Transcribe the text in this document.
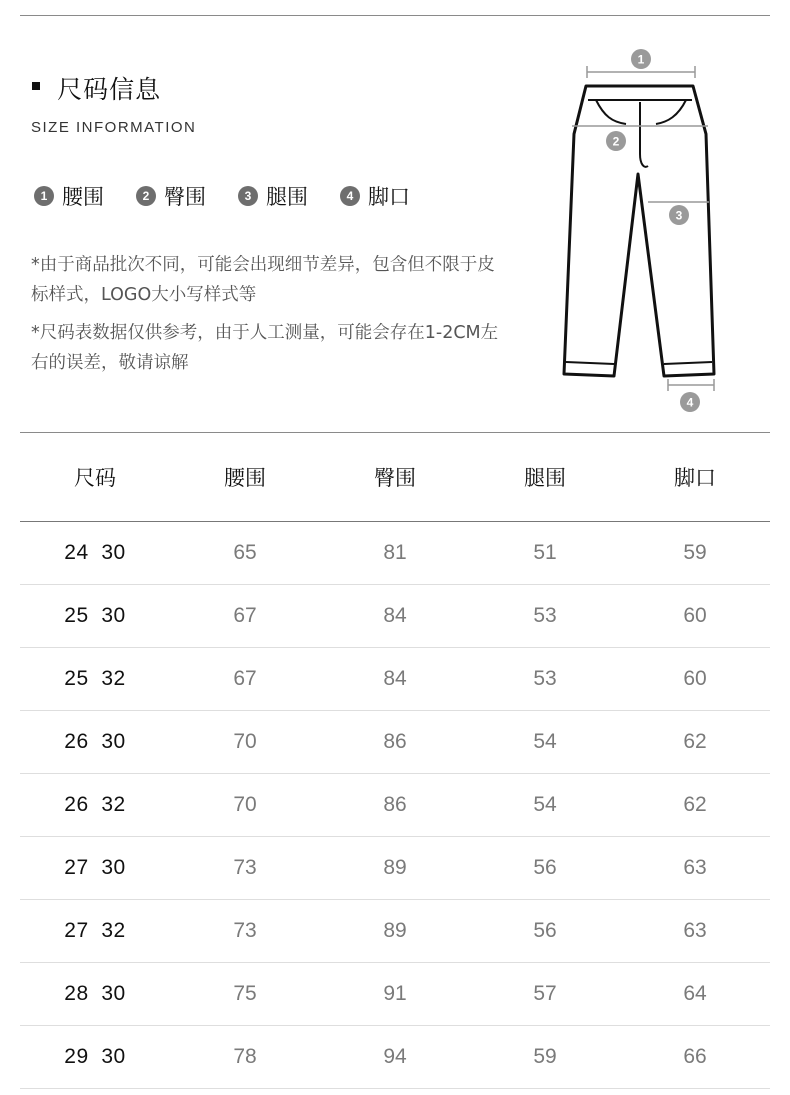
尺码信息
SIZE INFORMATION
1 腰围	2 臀围	3 腿围	4 脚口
*由于商品批次不同，可能会出现细节差异，包含但不限于皮标样式，LOGO大小写样式等
*尺码表数据仅供参考，由于人工测量，可能会存在1-2CM左右的误差，敬请谅解
1
2
3
4
尺码	腰围	臀围	腿围	脚口
24 30	65	81	51	59
25 30	67	84	53	60
25 32	67	84	53	60
26 30	70	86	54	62
26 32	70	86	54	62
27 30	73	89	56	63
27 32	73	89	56	63
28 30	75	91	57	64
29 30	78	94	59	66
